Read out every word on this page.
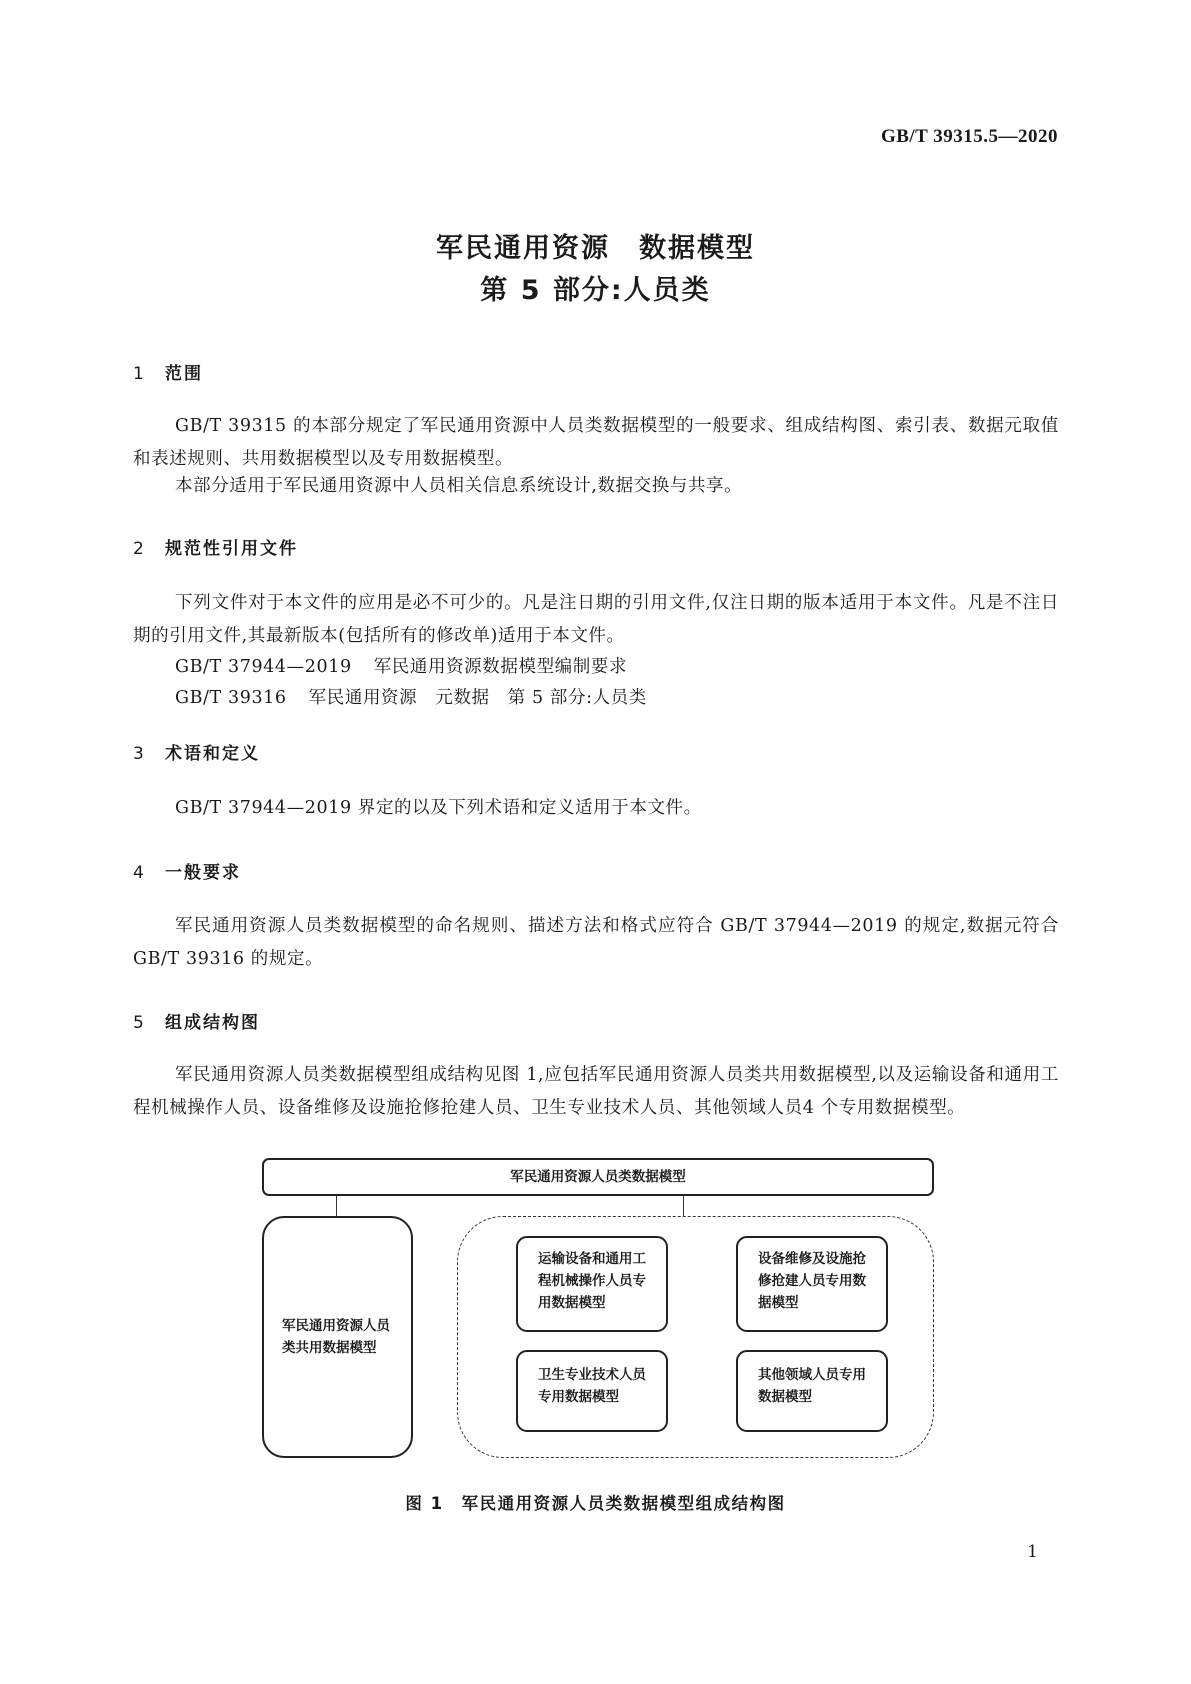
GB/T 39315.5—2020
军民通用资源　数据模型
第 5 部分:人员类
1 范围

GB/T 39315 的本部分规定了军民通用资源中人员类数据模型的一般要求、组成结构图、索引表、数据元取值和表述规则、共用数据模型以及专用数据模型。

本部分适用于军民通用资源中人员相关信息系统设计,数据交换与共享。

2 规范性引用文件

下列文件对于本文件的应用是必不可少的。凡是注日期的引用文件,仅注日期的版本适用于本文件。凡是不注日期的引用文件,其最新版本(包括所有的修改单)适用于本文件。

GB/T 37944—2019 军民通用资源数据模型编制要求
GB/T 39316 军民通用资源　元数据　第 5 部分:人员类
3 术语和定义

GB/T 37944—2019 界定的以及下列术语和定义适用于本文件。

4 一般要求

军民通用资源人员类数据模型的命名规则、描述方法和格式应符合 GB/T 37944—2019 的规定,数据元符合 GB/T 39316 的规定。

5 组成结构图

军民通用资源人员类数据模型组成结构见图 1,应包括军民通用资源人员类共用数据模型,以及运输设备和通用工程机械操作人员、设备维修及设施抢修抢建人员、卫生专业技术人员、其他领域人员4 个专用数据模型。

军民通用资源人员类数据模型
军民通用资源人员类共用数据模型
运输设备和通用工程机械操作人员专用数据模型
设备维修及设施抢修抢建人员专用数据模型
卫生专业技术人员专用数据模型
其他领域人员专用数据模型
图 1 军民通用资源人员类数据模型组成结构图
1
